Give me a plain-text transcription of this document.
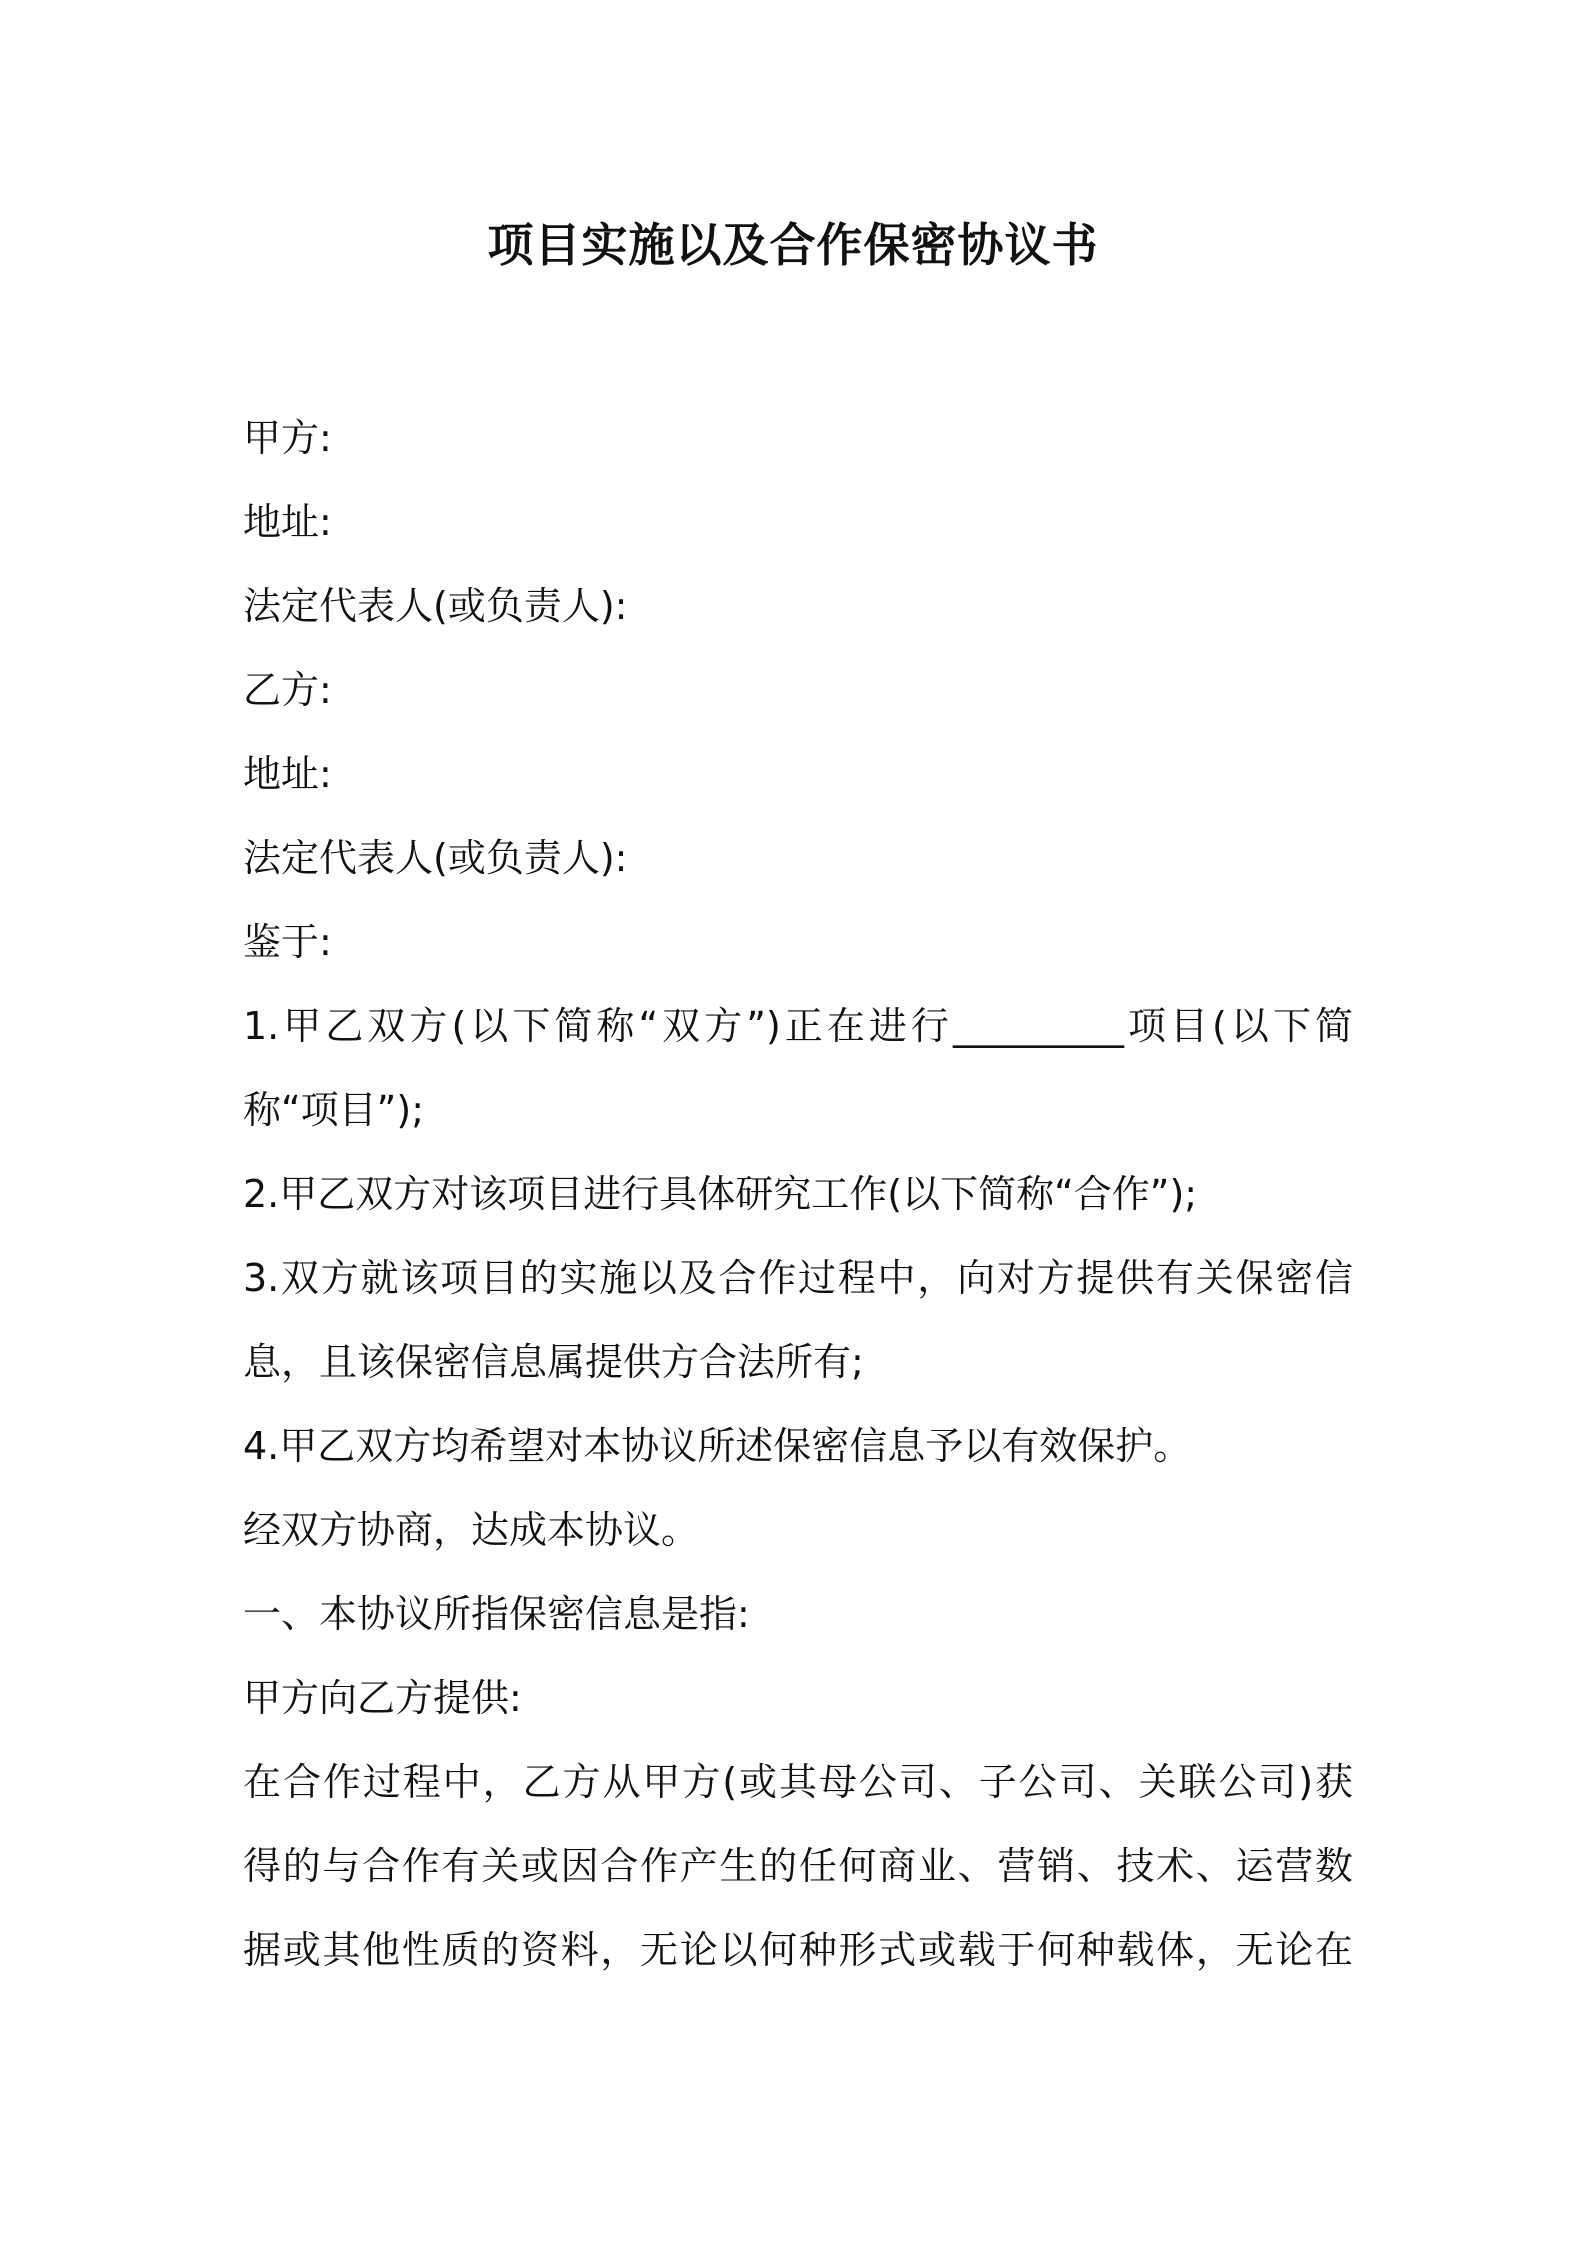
项目实施以及合作保密协议书
甲方:
地址:
法定代表人(或负责人):
乙方:
地址:
法定代表人(或负责人):
鉴于:
1.甲乙双方(以下简称“双方”)正在进行_________项目(以下简
称“项目”);
2.甲乙双方对该项目进行具体研究工作(以下简称“合作”);
3.双方就该项目的实施以及合作过程中，向对方提供有关保密信
息，且该保密信息属提供方合法所有;
4.甲乙双方均希望对本协议所述保密信息予以有效保护。
经双方协商，达成本协议。
一、本协议所指保密信息是指:
甲方向乙方提供:
在合作过程中，乙方从甲方(或其母公司、子公司、关联公司)获
得的与合作有关或因合作产生的任何商业、营销、技术、运营数
据或其他性质的资料，无论以何种形式或载于何种载体，无论在
